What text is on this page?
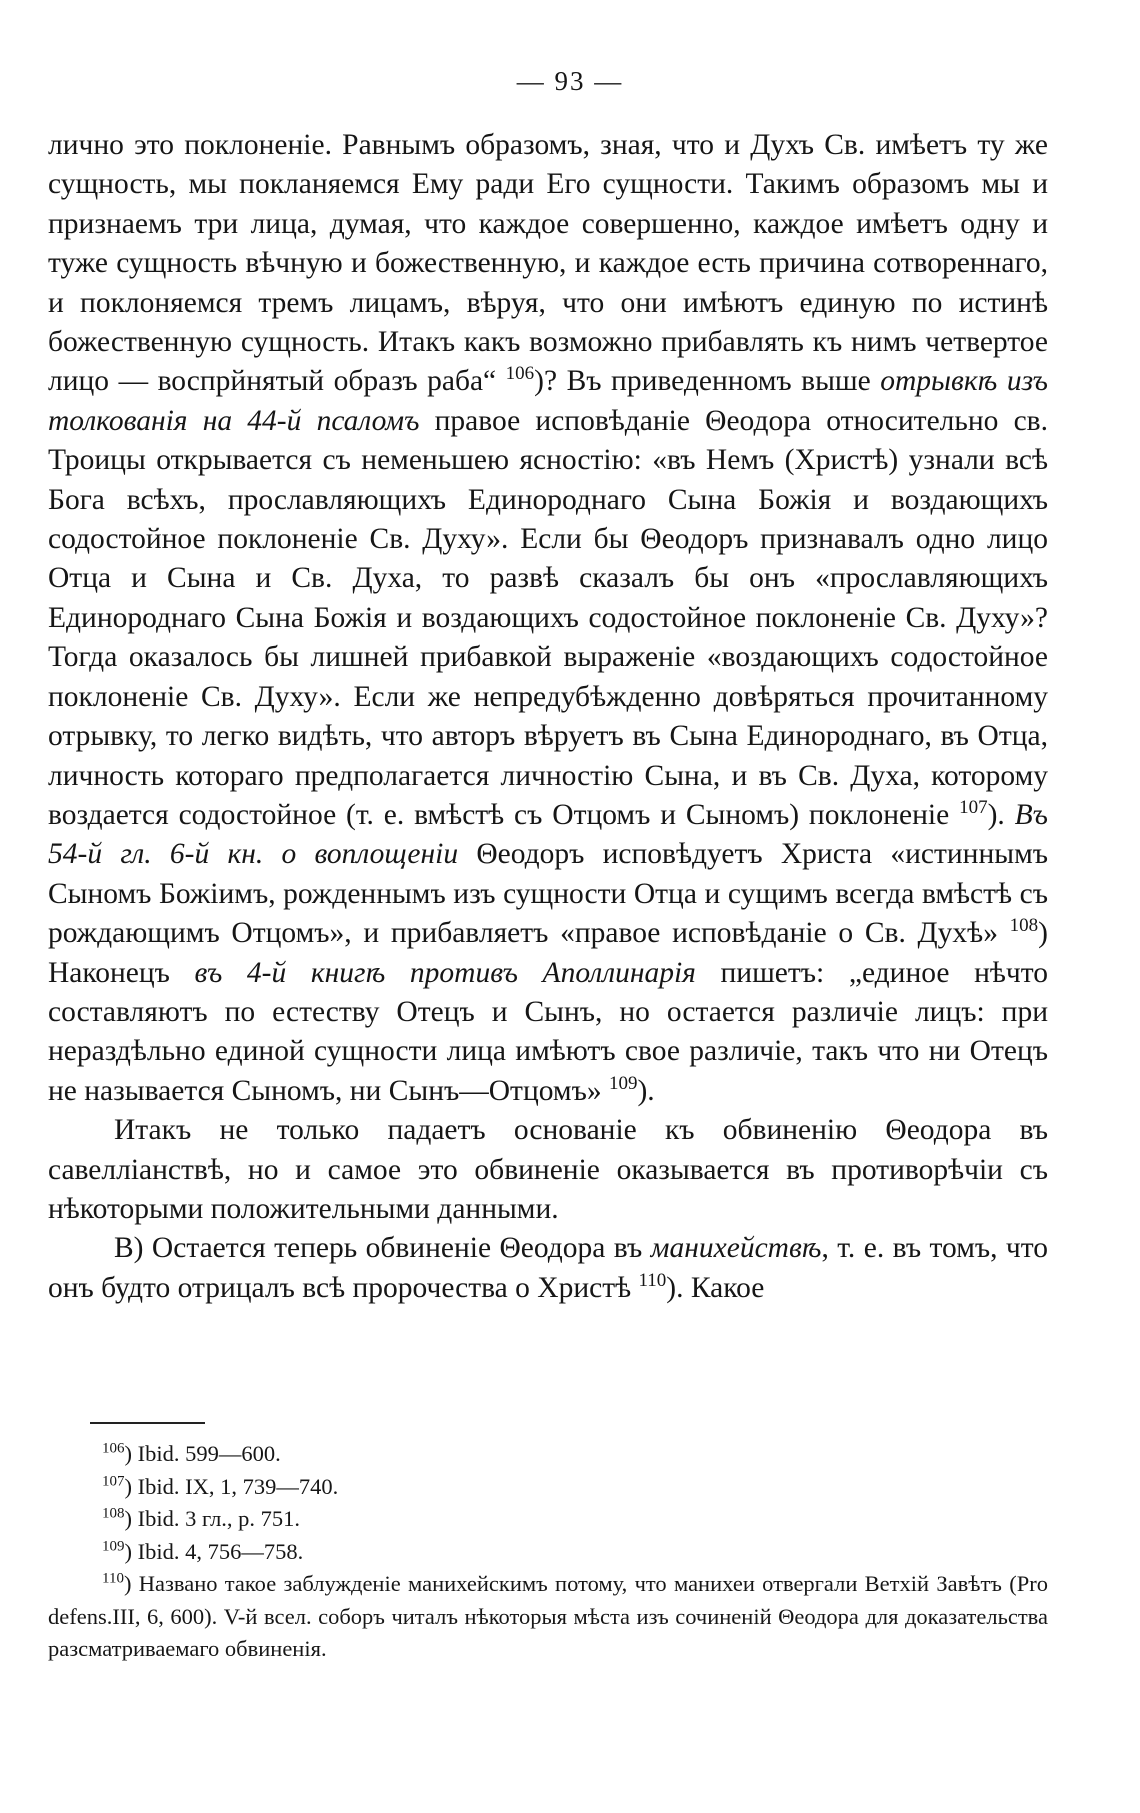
— 93 —

лично это поклоненіе. Равнымъ образомъ, зная, что и Духъ Св. имѣетъ ту же сущность, мы покланяемся Ему ради Его сущности. Такимъ образомъ мы и признаемъ три лица, думая, что каждое совершенно, каждое имѣетъ одну и туже сущность вѣчную и божественную, и каждое есть причина сотвореннаго, и поклоняемся тремъ лицамъ, вѣруя, что они имѣютъ единую по истинѣ божественную сущность. Итакъ какъ возможно прибавлять къ нимъ четвертое лицо — воспрйнятый образъ раба“ $^{106}$)? Въ приведенномъ выше отрывкѣ изъ толкованія на 44-й псаломъ правое исповѣданіе Θеодора относительно св. Троицы открывается съ неменьшею ясностію: «въ Немъ (Христѣ) узнали всѣ Бога всѣхъ, прославляющихъ Единороднаго Сына Божія и воздающихъ содостойное поклоненіе Св. Духу». Если бы Θеодоръ признавалъ одно лицо Отца и Сына и Св. Духа, то развѣ сказалъ бы онъ «прославляющихъ Единороднаго Сына Божія и воздающихъ содостойное поклоненіе Св. Духу»? Тогда оказалось бы лишней прибавкой выраженіе «воздающихъ содостойное поклоненіе Св. Духу». Если же непредубѣжденно довѣряться прочитанному отрывку, то легко видѣть, что авторъ вѣруетъ въ Сына Единороднаго, въ Отца, личность котораго предполагается личностію Сына, и въ Св. Духа, которому воздается содостойное (т. е. вмѣстѣ съ Отцомъ и Сыномъ) поклоненіе $^{107}$). Въ 54-й гл. 6-й кн. о воплощеніи Θеодоръ исповѣдуетъ Христа «истиннымъ Сыномъ Божіимъ, рожденнымъ изъ сущности Отца и сущимъ всегда вмѣстѣ съ рождающимъ Отцомъ», и прибавляетъ «правое исповѣданіе о Св. Духѣ» $^{108}$) Наконецъ въ 4-й книгѣ противъ Аполлинарія пишетъ: „единое нѣчто составляютъ по естеству Отецъ и Сынъ, но остается различіе лицъ: при нераздѣльно единой сущности лица имѣютъ свое различіе, такъ что ни Отецъ не называется Сыномъ, ни Сынъ—Отцомъ» $^{109}$).

Итакъ не только падаетъ основаніе къ обвиненію Θеодора въ савелліанствѣ, но и самое это обвиненіе оказывается въ противорѣчіи съ нѣкоторыми положительными данными.

В) Остается теперь обвиненіе Θеодора въ манихействѣ, т. е. въ томъ, что онъ будто отрицалъ всѣ пророчества о Христѣ $^{110}$). Какое

$^{106}$) Ibid. 599—600.

$^{107}$) Ibid. IX, 1, 739—740.

$^{108}$) Ibid. 3 гл., р. 751.

$^{109}$) Ibid. 4, 756—758.

$^{110}$) Названо такое заблужденіе манихейскимъ потому, что манихеи отвергали Ветхій Завѣтъ (Pro defens.III, 6, 600). V-й всел. соборъ читалъ нѣкоторыя мѣста изъ сочиненій Θеодора для доказательства разсматриваемаго обвиненія.
